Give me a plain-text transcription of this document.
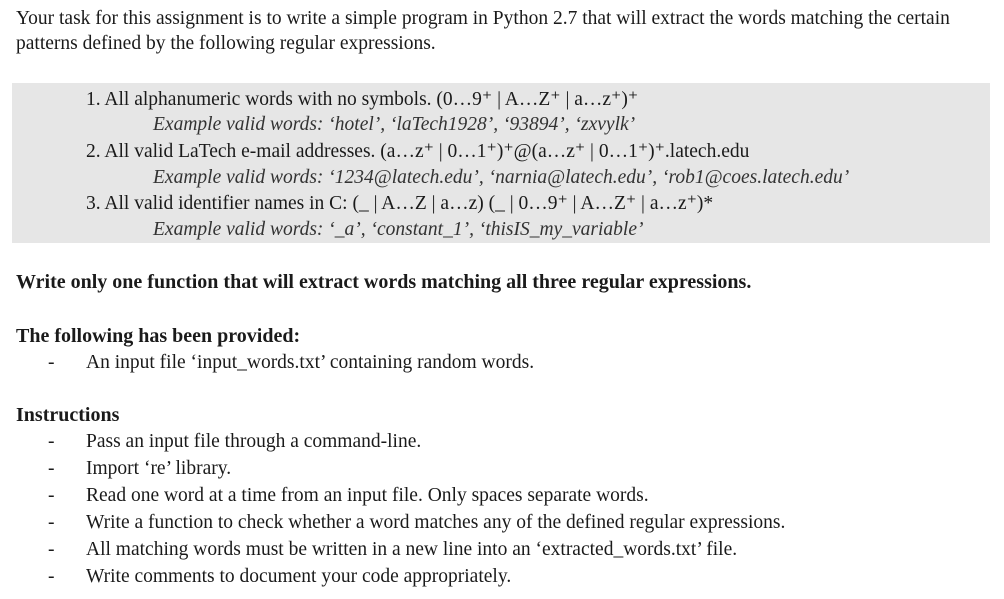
Your task for this assignment is to write a simple program in Python 2.7 that will extract the words matching the certain patterns defined by the following regular expressions.

1. All alphanumeric words with no symbols. (0…9⁺ | A…Z⁺ | a…z⁺)⁺
Example valid words: ‘hotel’, ‘laTech1928’, ‘93894’, ‘zxvylk’
2. All valid LaTech e-mail addresses. (a…z⁺ | 0…1⁺)⁺@(a…z⁺ | 0…1⁺)⁺.latech.edu
Example valid words: ‘1234@latech.edu’, ‘narnia@latech.edu’, ‘rob1@coes.latech.edu’
3. All valid identifier names in C: (_ | A…Z | a…z) (_ | 0…9⁺ | A…Z⁺ | a…z⁺)*
Example valid words: ‘_a’, ‘constant_1’, ‘thisIS_my_variable’
Write only one function that will extract words matching all three regular expressions.
The following has been provided:
- An input file ‘input_words.txt’ containing random words.
Instructions
- Pass an input file through a command-line.
- Import ‘re’ library.
- Read one word at a time from an input file. Only spaces separate words.
- Write a function to check whether a word matches any of the defined regular expressions.
- All matching words must be written in a new line into an ‘extracted_words.txt’ file.
- Write comments to document your code appropriately.
